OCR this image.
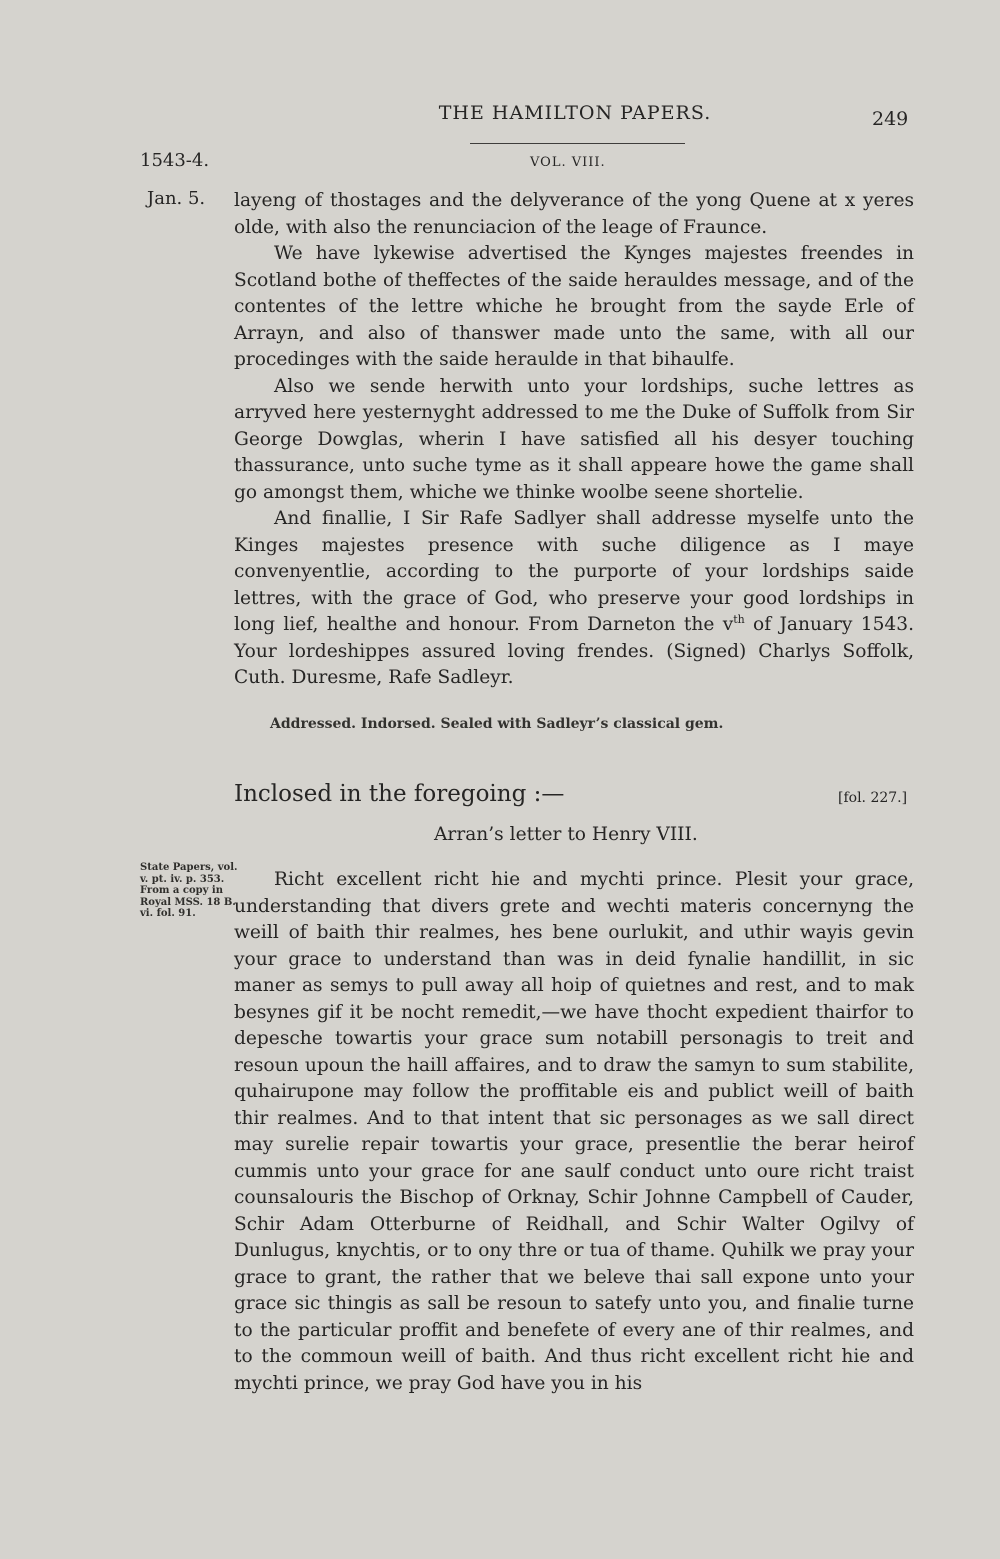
THE HAMILTON PAPERS.	249
1543-4.	VOL. VIII.
Jan. 5. layeng of thostages and the delyverance of the yong Quene at x yeres olde, with also the renunciacion of the leage of Fraunce.

We have lykewise advertised the Kynges majestes freendes in Scotland bothe of theffectes of the saide herauldes message, and of the contentes of the lettre whiche he brought from the sayde Erle of Arrayn, and also of thanswer made unto the same, with all our procedinges with the saide heraulde in that bihaulfe.

Also we sende herwith unto your lordships, suche lettres as arryved here yesternyght addressed to me the Duke of Suffolk from Sir George Dowglas, wherin I have satisfied all his desyer touching thassurance, unto suche tyme as it shall appeare howe the game shall go amongst them, whiche we thinke woolbe seene shortelie.

And finallie, I Sir Rafe Sadlyer shall addresse myselfe unto the Kinges majestes presence with suche diligence as I maye convenyentlie, according to the purporte of your lordships saide lettres, with the grace of God, who preserve your good lordships in long lief, healthe and honour. From Darneton the $v^{th}$ of January 1543. Your lordeshippes assured loving frendes. (Signed) Charlys Soffolk, Cuth. Duresme, Rafe Sadleyr.

Addressed. Indorsed. Sealed with Sadleyr’s classical gem.
Inclosed in the foregoing :—	[fol. 227.]
Arran’s letter to Henry VIII.
State Papers, vol. v. pt. iv. p. 353. From a copy in Royal MSS. 18 B. vi. fol. 91.

Richt excellent richt hie and mychti prince. Plesit your grace, understanding that divers grete and wechti materis concernyng the weill of baith thir realmes, hes bene ourlukit, and uthir wayis gevin your grace to understand than was in deid fynalie handillit, in sic maner as semys to pull away all hoip of quietnes and rest, and to mak besynes gif it be nocht remedit,—we have thocht expedient thairfor to depesche towartis your grace sum notabill personagis to treit and resoun upoun the haill affaires, and to draw the samyn to sum stabilite, quhairupone may follow the proffitable eis and publict weill of baith thir realmes. And to that intent that sic personages as we sall direct may surelie repair towartis your grace, presentlie the berar heirof cummis unto your grace for ane saulf conduct unto oure richt traist counsalouris the Bischop of Orknay, Schir Johnne Campbell of Cauder, Schir Adam Otterburne of Reidhall, and Schir Walter Ogilvy of Dunlugus, knychtis, or to ony thre or tua of thame. Quhilk we pray your grace to grant, the rather that we beleve thai sall expone unto your grace sic thingis as sall be resoun to satefy unto you, and finalie turne to the particular proffit and benefete of every ane of thir realmes, and to the commoun weill of baith. And thus richt excellent richt hie and mychti prince, we pray God have you in his
